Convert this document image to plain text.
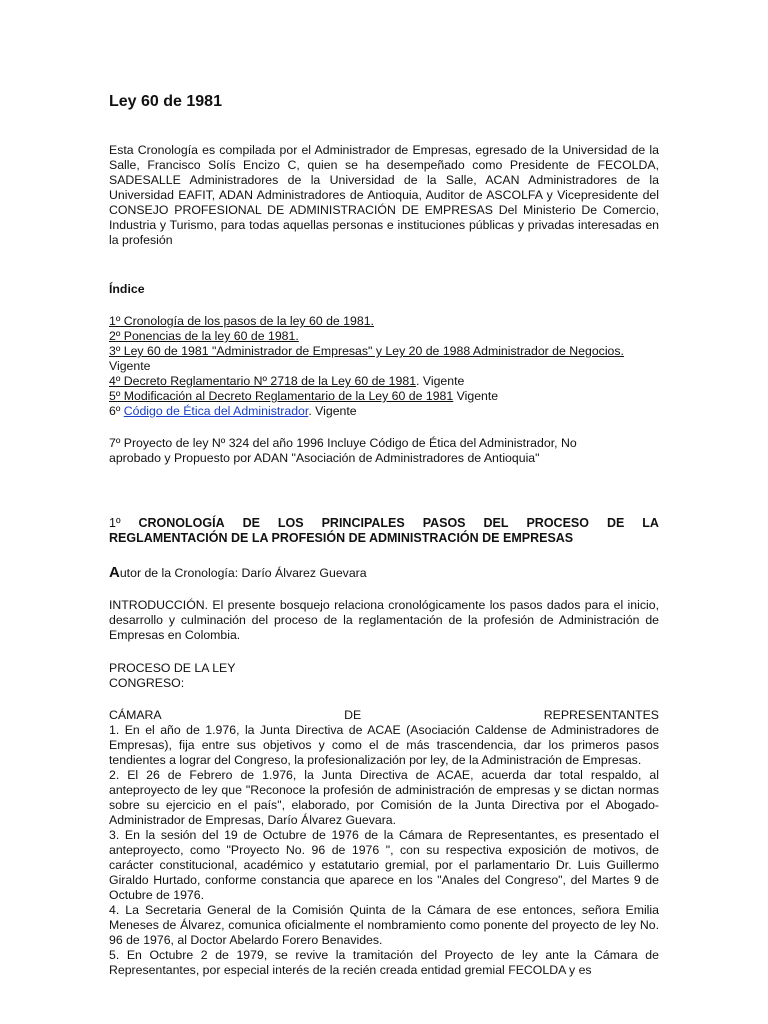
Ley 60 de 1981
Esta Cronología es compilada por el Administrador de Empresas, egresado de la Universidad de la Salle, Francisco Solís Encizo C, quien se ha desempeñado como Presidente de FECOLDA, SADESALLE Administradores de la Universidad de la Salle, ACAN Administradores de la Universidad EAFIT, ADAN Administradores de Antioquia, Auditor de ASCOLFA y Vicepresidente del CONSEJO PROFESIONAL DE ADMINISTRACIÓN DE EMPRESAS Del Ministerio De Comercio, Industria y Turismo, para todas aquellas personas e instituciones públicas y privadas interesadas en la profesión
Índice
1º Cronología de los pasos de la ley 60 de 1981.
2º Ponencias de la ley 60 de 1981.
3º Ley 60 de 1981 "Administrador de Empresas" y Ley 20 de 1988 Administrador de Negocios.
Vigente
4º Decreto Reglamentario Nº 2718 de la Ley 60 de 1981. Vigente
5º Modificación al Decreto Reglamentario de la Ley 60 de 1981 Vigente
6º Código de Ética del Administrador. Vigente
7º Proyecto de ley Nº 324 del año 1996 Incluye Código de Ética del Administrador, No
aprobado y Propuesto por ADAN "Asociación de Administradores de Antioquia"
1º CRONOLOGÍA DE LOS PRINCIPALES PASOS DEL PROCESO DE LA
REGLAMENTACIÓN DE LA PROFESIÓN DE ADMINISTRACIÓN DE EMPRESAS
Autor de la Cronología: Darío Álvarez Guevara
INTRODUCCIÓN. El presente bosquejo relaciona cronológicamente los pasos dados para el inicio, desarrollo y culminación del proceso de la reglamentación de la profesión de Administración de Empresas en Colombia.
PROCESO DE LA LEY
CONGRESO:
CÁMARA	DE	REPRESENTANTES
1. En el año de 1.976, la Junta Directiva de ACAE (Asociación Caldense de Administradores de Empresas), fija entre sus objetivos y como el de más trascendencia, dar los primeros pasos tendientes a lograr del Congreso, la profesionalización por ley, de la Administración de Empresas.
2. El 26 de Febrero de 1.976, la Junta Directiva de ACAE, acuerda dar total respaldo, al anteproyecto de ley que "Reconoce la profesión de administración de empresas y se dictan normas sobre su ejercicio en el país", elaborado, por Comisión de la Junta Directiva por el Abogado-Administrador de Empresas, Darío Álvarez Guevara.
3. En la sesión del 19 de Octubre de 1976 de la Cámara de Representantes, es presentado el anteproyecto, como "Proyecto No. 96 de 1976 ", con su respectiva exposición de motivos, de carácter constitucional, académico y estatutario gremial, por el parlamentario Dr. Luis Guillermo Giraldo Hurtado, conforme constancia que aparece en los "Anales del Congreso", del Martes 9 de Octubre de 1976.
4. La Secretaria General de la Comisión Quinta de la Cámara de ese entonces, señora Emilia Meneses de Álvarez, comunica oficialmente el nombramiento como ponente del proyecto de ley No. 96 de 1976, al Doctor Abelardo Forero Benavides.
5. En Octubre 2 de 1979, se revive la tramitación del Proyecto de ley ante la Cámara de Representantes, por especial interés de la recién creada entidad gremial FECOLDA y es
